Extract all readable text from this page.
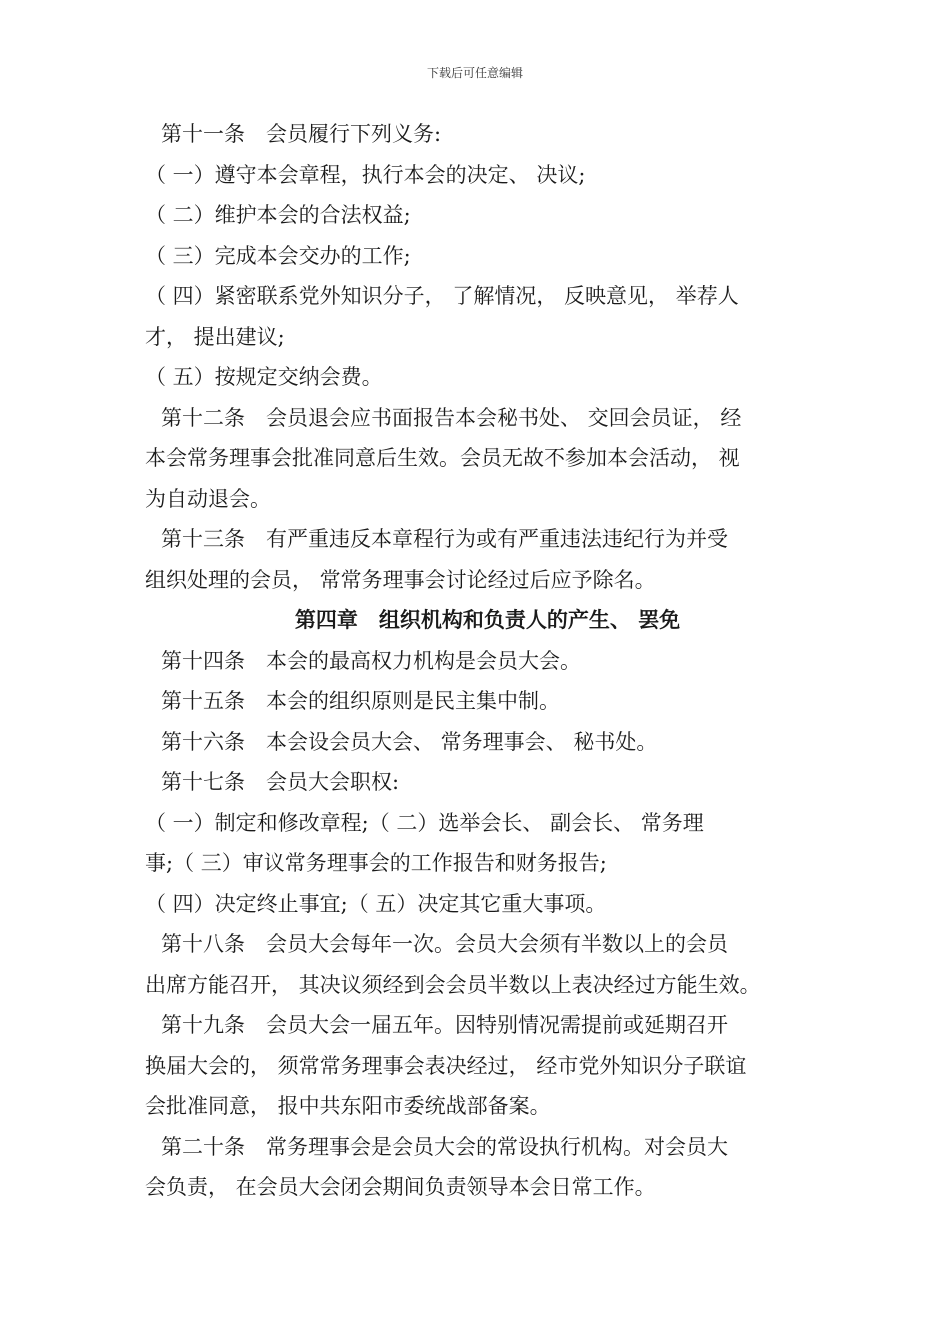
下载后可任意编辑
第十一条　会员履行下列义务:
（ 一）遵守本会章程，执行本会的决定、 决议;
（ 二）维护本会的合法权益;
（ 三）完成本会交办的工作;
（ 四）紧密联系党外知识分子， 了解情况， 反映意见， 举荐人
才， 提出建议;
（ 五）按规定交纳会费。
第十二条　会员退会应书面报告本会秘书处、 交回会员证， 经
本会常务理事会批准同意后生效。会员无故不参加本会活动， 视
为自动退会。
第十三条　有严重违反本章程行为或有严重违法违纪行为并受
组织处理的会员， 常常务理事会讨论经过后应予除名。
第四章　组织机构和负责人的产生、 罢免
第十四条　本会的最高权力机构是会员大会。
第十五条　本会的组织原则是民主集中制。
第十六条　本会设会员大会、 常务理事会、 秘书处。
第十七条　会员大会职权:
（ 一）制定和修改章程;（ 二）选举会长、 副会长、 常务理
事;（ 三）审议常务理事会的工作报告和财务报告;
（ 四）决定终止事宜;（ 五）决定其它重大事项。
第十八条　会员大会每年一次。会员大会须有半数以上的会员
出席方能召开， 其决议须经到会会员半数以上表决经过方能生效。
第十九条　会员大会一届五年。因特别情况需提前或延期召开
换届大会的， 须常常务理事会表决经过， 经市党外知识分子联谊
会批准同意， 报中共东阳市委统战部备案。
第二十条　常务理事会是会员大会的常设执行机构。对会员大
会负责， 在会员大会闭会期间负责领导本会日常工作。
